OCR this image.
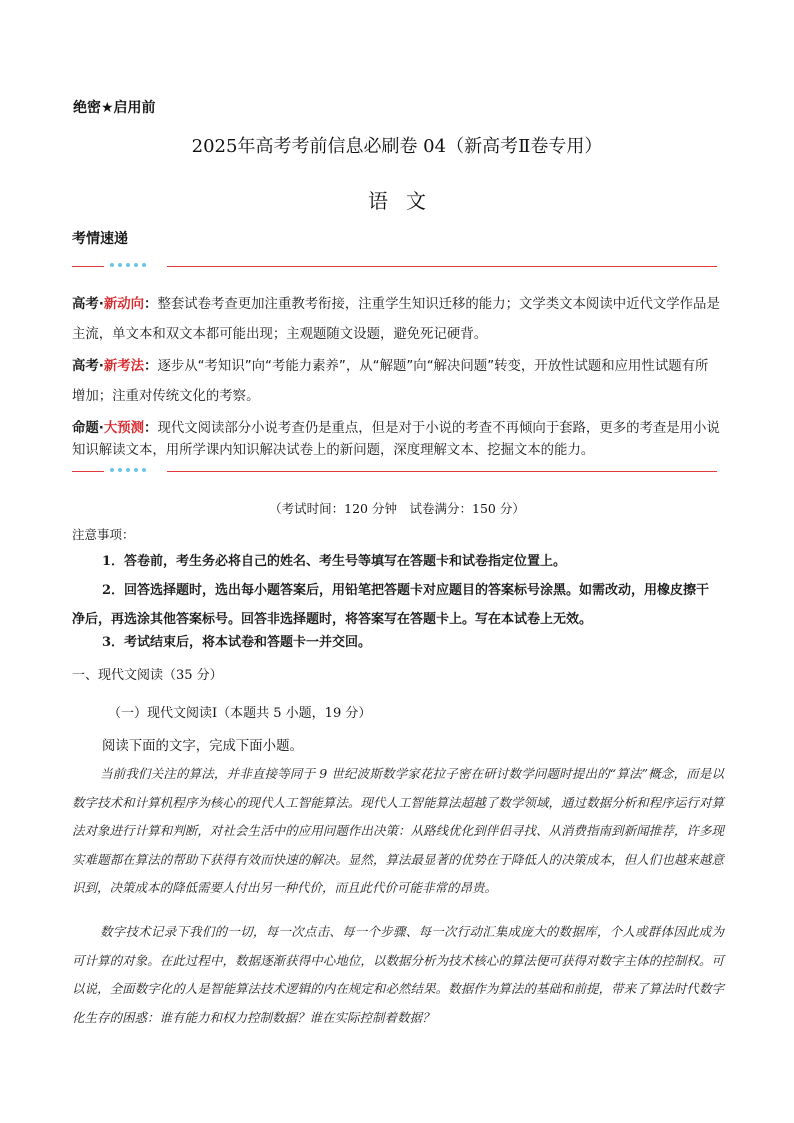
绝密★启用前
2025年高考考前信息必刷卷 04（新高考Ⅱ卷专用）
语文
考情速递
高考·新动向：整套试卷考查更加注重教考衔接，注重学生知识迁移的能力；文学类文本阅读中近代文学作品是主流，单文本和双文本都可能出现；主观题随文设题，避免死记硬背。
高考·新考法：逐步从“考知识”向“考能力素养”，从“解题”向“解决问题”转变，开放性试题和应用性试题有所增加；注重对传统文化的考察。
命题·大预测：现代文阅读部分小说考查仍是重点，但是对于小说的考查不再倾向于套路，更多的考查是用小说知识解读文本，用所学课内知识解决试卷上的新问题，深度理解文本、挖掘文本的能力。
（考试时间：120 分钟　试卷满分：150 分）
注意事项：
1．答卷前，考生务必将自己的姓名、考生号等填写在答题卡和试卷指定位置上。
2．回答选择题时，选出每小题答案后，用铅笔把答题卡对应题目的答案标号涂黑。如需改动，用橡皮擦干净后，再选涂其他答案标号。回答非选择题时，将答案写在答题卡上。写在本试卷上无效。
3．考试结束后，将本试卷和答题卡一并交回。
一、现代文阅读（35 分）
（一）现代文阅读Ⅰ（本题共 5 小题，19 分）
阅读下面的文字，完成下面小题。
当前我们关注的算法，并非直接等同于 9 世纪波斯数学家花拉子密在研讨数学问题时提出的“算法”概念，而是以数字技术和计算机程序为核心的现代人工智能算法。现代人工智能算法超越了数学领域，通过数据分析和程序运行对算法对象进行计算和判断，对社会生活中的应用问题作出决策：从路线优化到伴侣寻找、从消费指南到新闻推荐，许多现实难题都在算法的帮助下获得有效而快速的解决。显然，算法最显著的优势在于降低人的决策成本，但人们也越来越意识到，决策成本的降低需要人付出另一种代价，而且此代价可能非常的昂贵。
数字技术记录下我们的一切，每一次点击、每一个步骤、每一次行动汇集成庞大的数据库，个人或群体因此成为可计算的对象。在此过程中，数据逐渐获得中心地位，以数据分析为技术核心的算法便可获得对数字主体的控制权。可以说，全面数字化的人是智能算法技术逻辑的内在规定和必然结果。数据作为算法的基础和前提，带来了算法时代数字化生存的困惑：谁有能力和权力控制数据？谁在实际控制着数据？
